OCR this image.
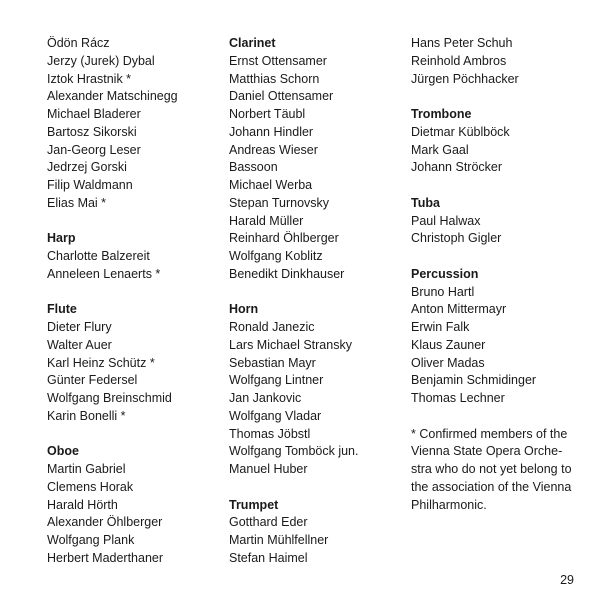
Ödön Rácz
Jerzy (Jurek) Dybal
Iztok Hrastnik *
Alexander Matschinegg
Michael Bladerer
Bartosz Sikorski
Jan-Georg Leser
Jedrzej Gorski
Filip Waldmann
Elias Mai *
Harp
Charlotte Balzereit
Anneleen Lenaerts *
Flute
Dieter Flury
Walter Auer
Karl Heinz Schütz *
Günter Federsel
Wolfgang Breinschmid
Karin Bonelli *
Oboe
Martin Gabriel
Clemens Horak
Harald Hörth
Alexander Öhlberger
Wolfgang Plank
Herbert Maderthaner
Clarinet
Ernst Ottensamer
Matthias Schorn
Daniel Ottensamer
Norbert Täubl
Johann Hindler
Andreas Wieser
Bassoon
Michael Werba
Stepan Turnovsky
Harald Müller
Reinhard Öhlberger
Wolfgang Koblitz
Benedikt Dinkhauser
Horn
Ronald Janezic
Lars Michael Stransky
Sebastian Mayr
Wolfgang Lintner
Jan Jankovic
Wolfgang Vladar
Thomas Jöbstl
Wolfgang Tomböck jun.
Manuel Huber
Trumpet
Gotthard Eder
Martin Mühlfellner
Stefan Haimel
Hans Peter Schuh
Reinhold Ambros
Jürgen Pöchhacker
Trombone
Dietmar Küblböck
Mark Gaal
Johann Ströcker
Tuba
Paul Halwax
Christoph Gigler
Percussion
Bruno Hartl
Anton Mittermayr
Erwin Falk
Klaus Zauner
Oliver Madas
Benjamin Schmidinger
Thomas Lechner
* Confirmed members of the
Vienna State Opera Orche-
stra who do not yet belong to
the association of the Vienna
Philharmonic.
29
